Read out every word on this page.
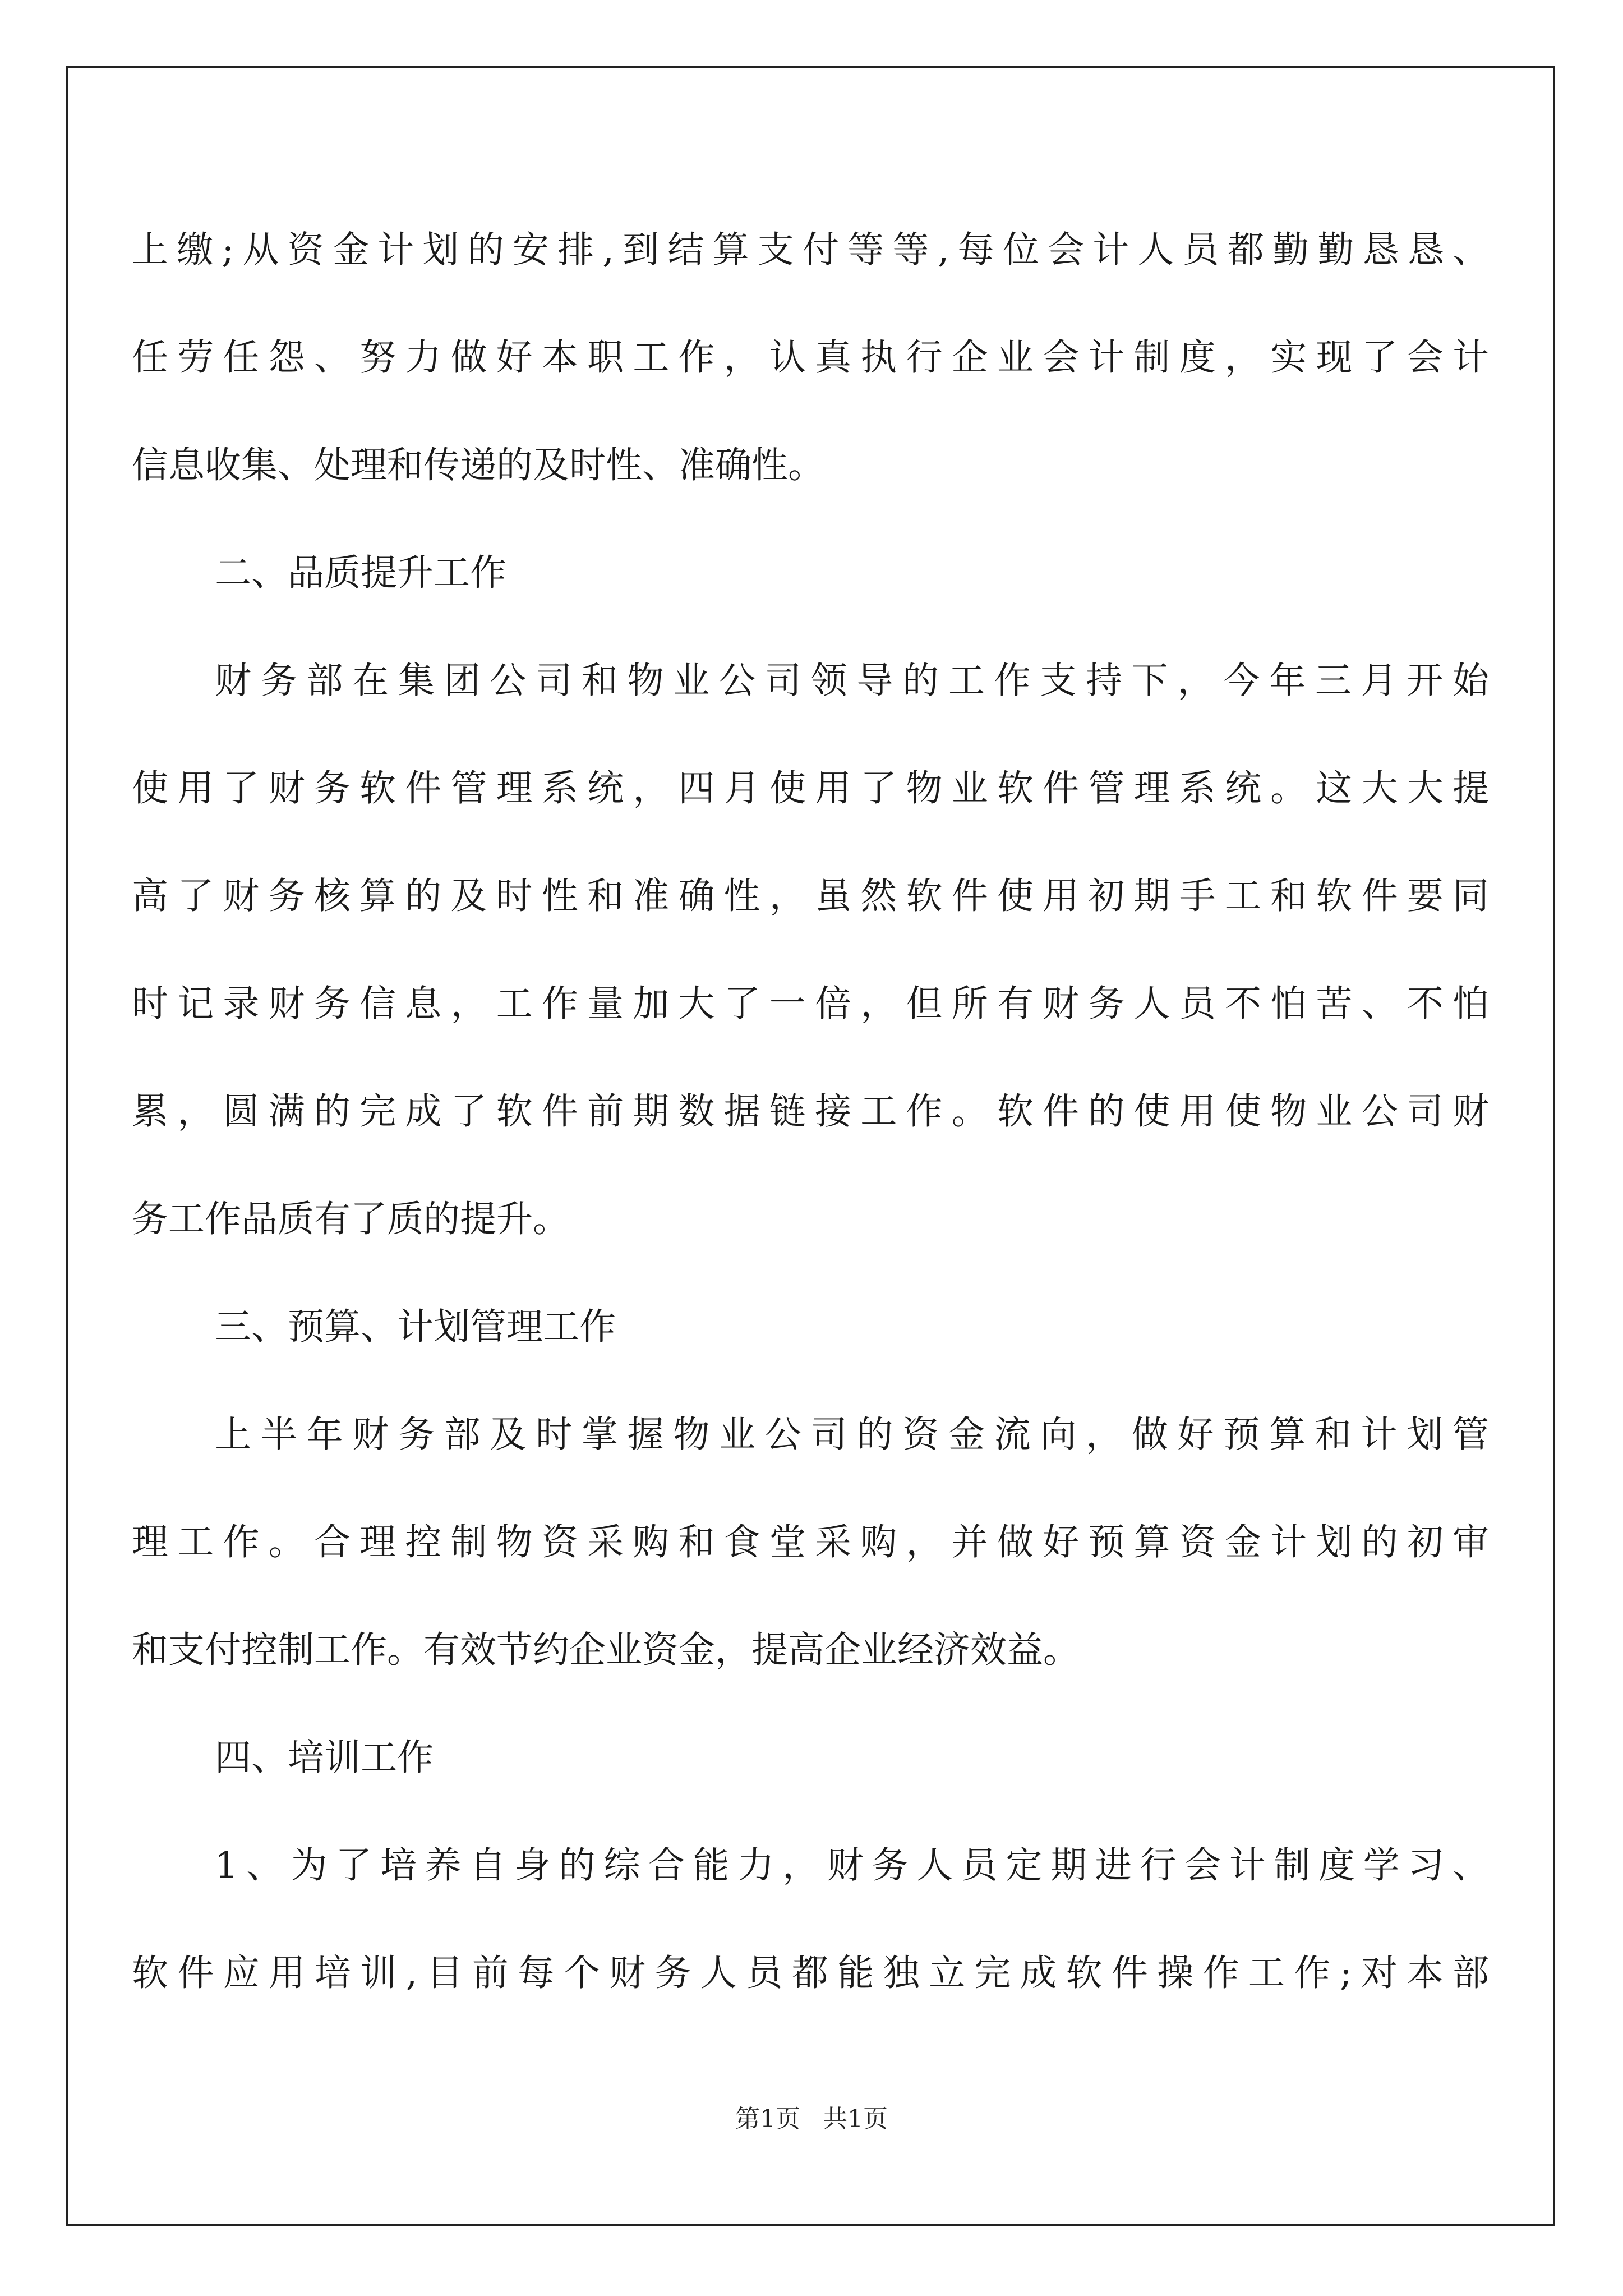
上缴;从资金计划的安排,到结算支付等等,每位会计人员都勤勤恳恳、
任劳任怨、努力做好本职工作，认真执行企业会计制度，实现了会计
信息收集、处理和传递的及时性、准确性。
二、品质提升工作
财务部在集团公司和物业公司领导的工作支持下，今年三月开始
使用了财务软件管理系统，四月使用了物业软件管理系统。这大大提
高了财务核算的及时性和准确性，虽然软件使用初期手工和软件要同
时记录财务信息，工作量加大了一倍，但所有财务人员不怕苦、不怕
累，圆满的完成了软件前期数据链接工作。软件的使用使物业公司财
务工作品质有了质的提升。
三、预算、计划管理工作
上半年财务部及时掌握物业公司的资金流向，做好预算和计划管
理工作。合理控制物资采购和食堂采购，并做好预算资金计划的初审
和支付控制工作。有效节约企业资金，提高企业经济效益。
四、培训工作
1、为了培养自身的综合能力，财务人员定期进行会计制度学习、
软件应用培训,目前每个财务人员都能独立完成软件操作工作;对本部
第1页 共1页
